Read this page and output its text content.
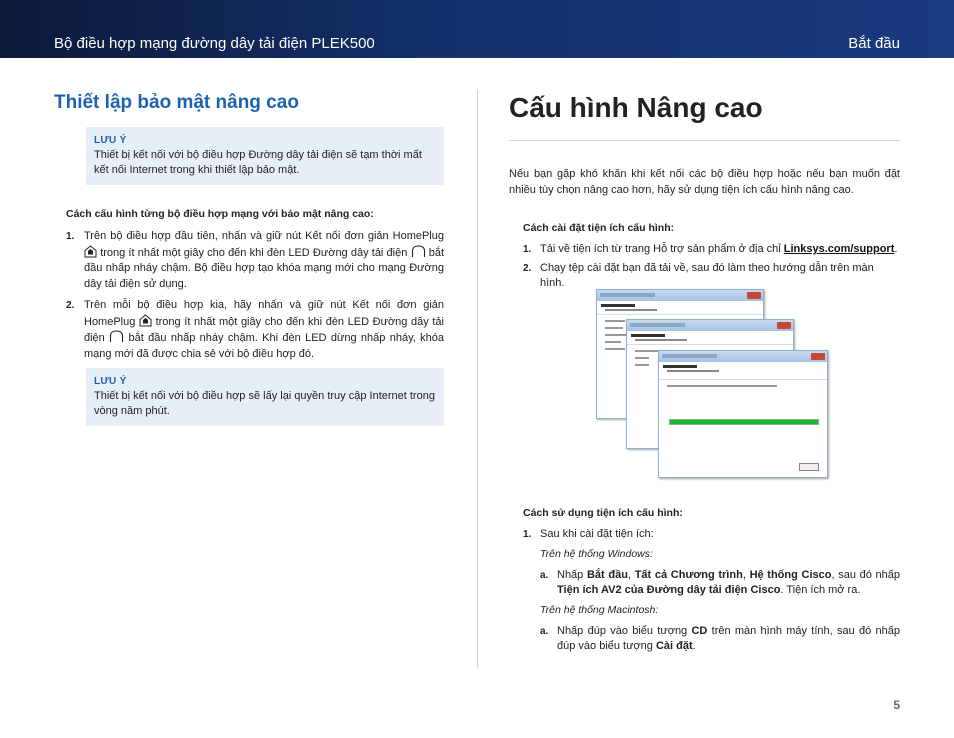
Bộ điều hợp mạng đường dây tải điện PLEK500	Bắt đầu
Thiết lập bảo mật nâng cao
LƯU Ý
Thiết bị kết nối với bộ điều hợp Đường dây tải điện sẽ tạm thời mất kết nối Internet trong khi thiết lập bảo mật.
Cách cấu hình từng bộ điều hợp mạng với bảo mật nâng cao:
1. Trên bộ điều hợp đầu tiên, nhấn và giữ nút Kết nối đơn giản HomePlug  trong ít nhất một giây cho đến khi đèn LED Đường dây tải điện bắt đầu nhấp nháy chậm. Bộ điều hợp tạo khóa mạng mới cho mạng Đường dây tải điện sử dụng.
2. Trên mỗi bộ điều hợp kia, hãy nhấn và giữ nút Kết nối đơn giản HomePlug trong ít nhất một giây cho đến khi đèn LED Đường dây tải điện bắt đầu nhấp nháy chậm. Khi đèn LED dừng nhấp nháy, khóa mạng mới đã được chia sẻ với bộ điều hợp đó.
LƯU Ý
Thiết bị kết nối với bộ điều hợp sẽ lấy lại quyền truy cập Internet trong vòng năm phút.
Cấu hình Nâng cao

Nếu bạn gặp khó khăn khi kết nối các bộ điều hợp hoặc nếu bạn muốn đặt nhiều tùy chọn nâng cao hơn, hãy sử dụng tiện ích cấu hình nâng cao.

Cách cài đặt tiện ích cấu hình:
1. Tải về tiện ích từ trang Hỗ trợ sản phẩm ở địa chỉ Linksys.com/support.
2. Chạy tệp cài đặt bạn đã tải về, sau đó làm theo hướng dẫn trên màn hình.
Cách sử dụng tiện ích cấu hình:
1. Sau khi cài đặt tiện ích:
Trên hệ thống Windows:
a. Nhấp Bắt đầu, Tất cả Chương trình, Hệ thống Cisco, sau đó nhấp Tiện ích AV2 của Đường dây tải điện Cisco. Tiện ích mở ra.
Trên hệ thống Macintosh:
a. Nhấp đúp vào biểu tượng CD trên màn hình máy tính, sau đó nhấp đúp vào biểu tượng Cài đặt.
5
